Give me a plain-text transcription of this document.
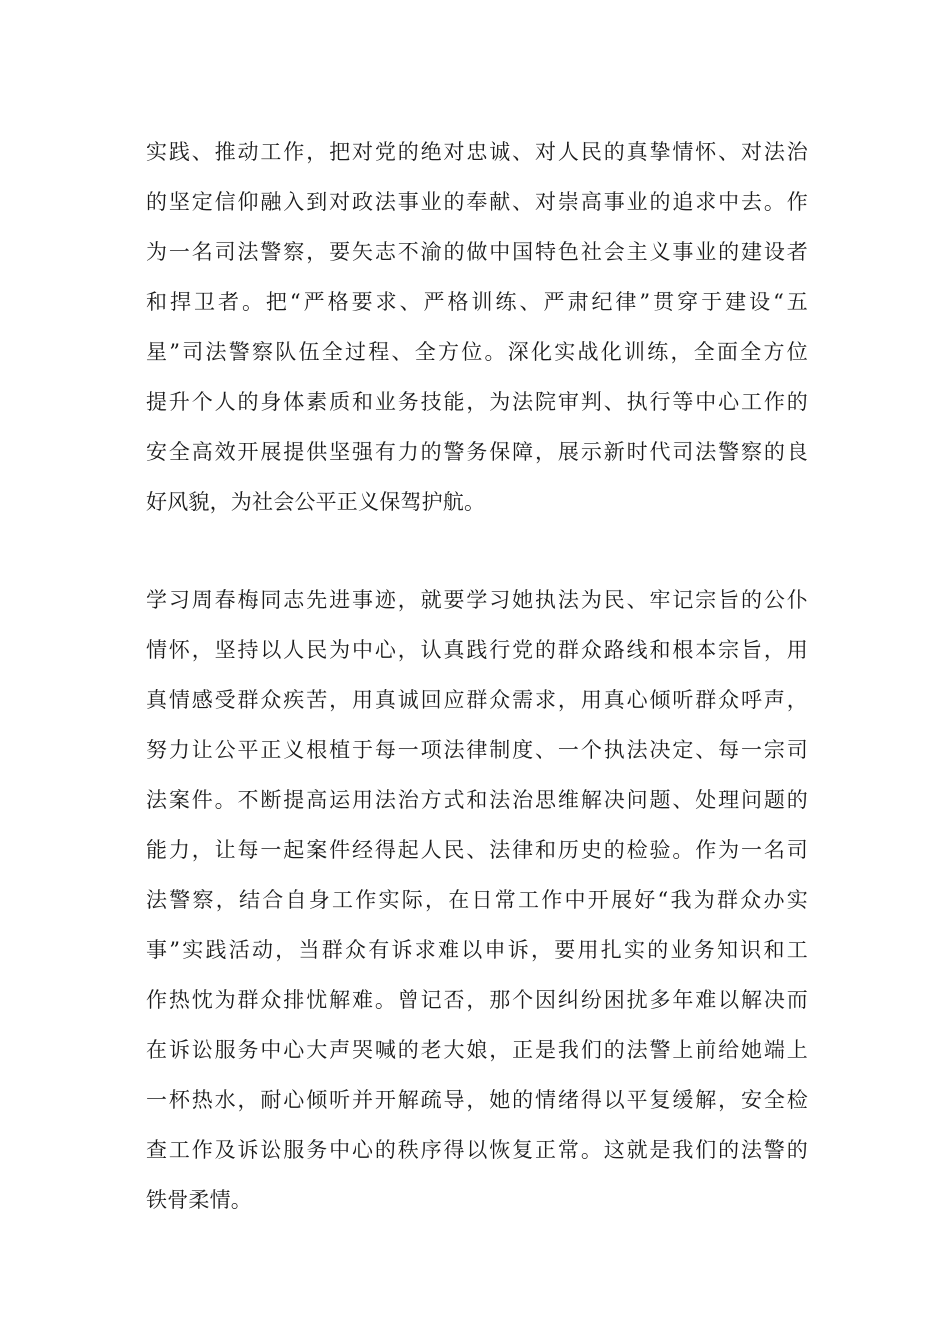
实践、推动工作，把对党的绝对忠诚、对人民的真挚情怀、对法治
的坚定信仰融入到对政法事业的奉献、对崇高事业的追求中去。作
为一名司法警察，要矢志不渝的做中国特色社会主义事业的建设者
和捍卫者。把“严格要求、严格训练、严肃纪律”贯穿于建设“五
星”司法警察队伍全过程、全方位。深化实战化训练，全面全方位
提升个人的身体素质和业务技能，为法院审判、执行等中心工作的
安全高效开展提供坚强有力的警务保障，展示新时代司法警察的良
好风貌，为社会公平正义保驾护航。
学习周春梅同志先进事迹，就要学习她执法为民、牢记宗旨的公仆
情怀，坚持以人民为中心，认真践行党的群众路线和根本宗旨，用
真情感受群众疾苦，用真诚回应群众需求，用真心倾听群众呼声，
努力让公平正义根植于每一项法律制度、一个执法决定、每一宗司
法案件。不断提高运用法治方式和法治思维解决问题、处理问题的
能力，让每一起案件经得起人民、法律和历史的检验。作为一名司
法警察，结合自身工作实际，在日常工作中开展好“我为群众办实
事”实践活动，当群众有诉求难以申诉，要用扎实的业务知识和工
作热忱为群众排忧解难。曾记否，那个因纠纷困扰多年难以解决而
在诉讼服务中心大声哭喊的老大娘，正是我们的法警上前给她端上
一杯热水，耐心倾听并开解疏导，她的情绪得以平复缓解，安全检
查工作及诉讼服务中心的秩序得以恢复正常。这就是我们的法警的
铁骨柔情。
